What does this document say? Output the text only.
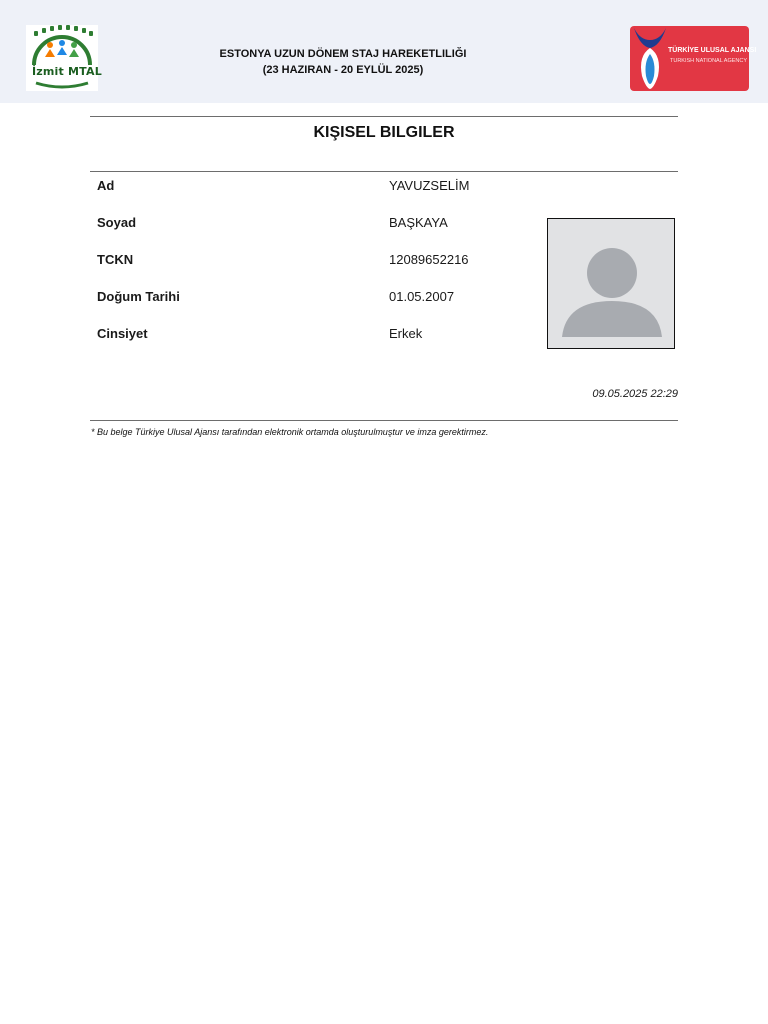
İzmit MTAL
ESTONYA UZUN DÖNEM STAJ HAREKETLILIĞI
(23 HAZIRAN - 20 EYLÜL 2025)
TÜRKİYE ULUSAL AJANSI
TURKISH NATIONAL AGENCY
KIŞISEL BILGILER
Ad	YAVUZSELİM
Soyad	BAŞKAYA
TCKN	12089652216
Doğum Tarihi	01.05.2007
Cinsiyet	Erkek
09.05.2025 22:29
* Bu belge Türkiye Ulusal Ajansı tarafından elektronik ortamda oluşturulmuştur ve imza gerektirmez.
